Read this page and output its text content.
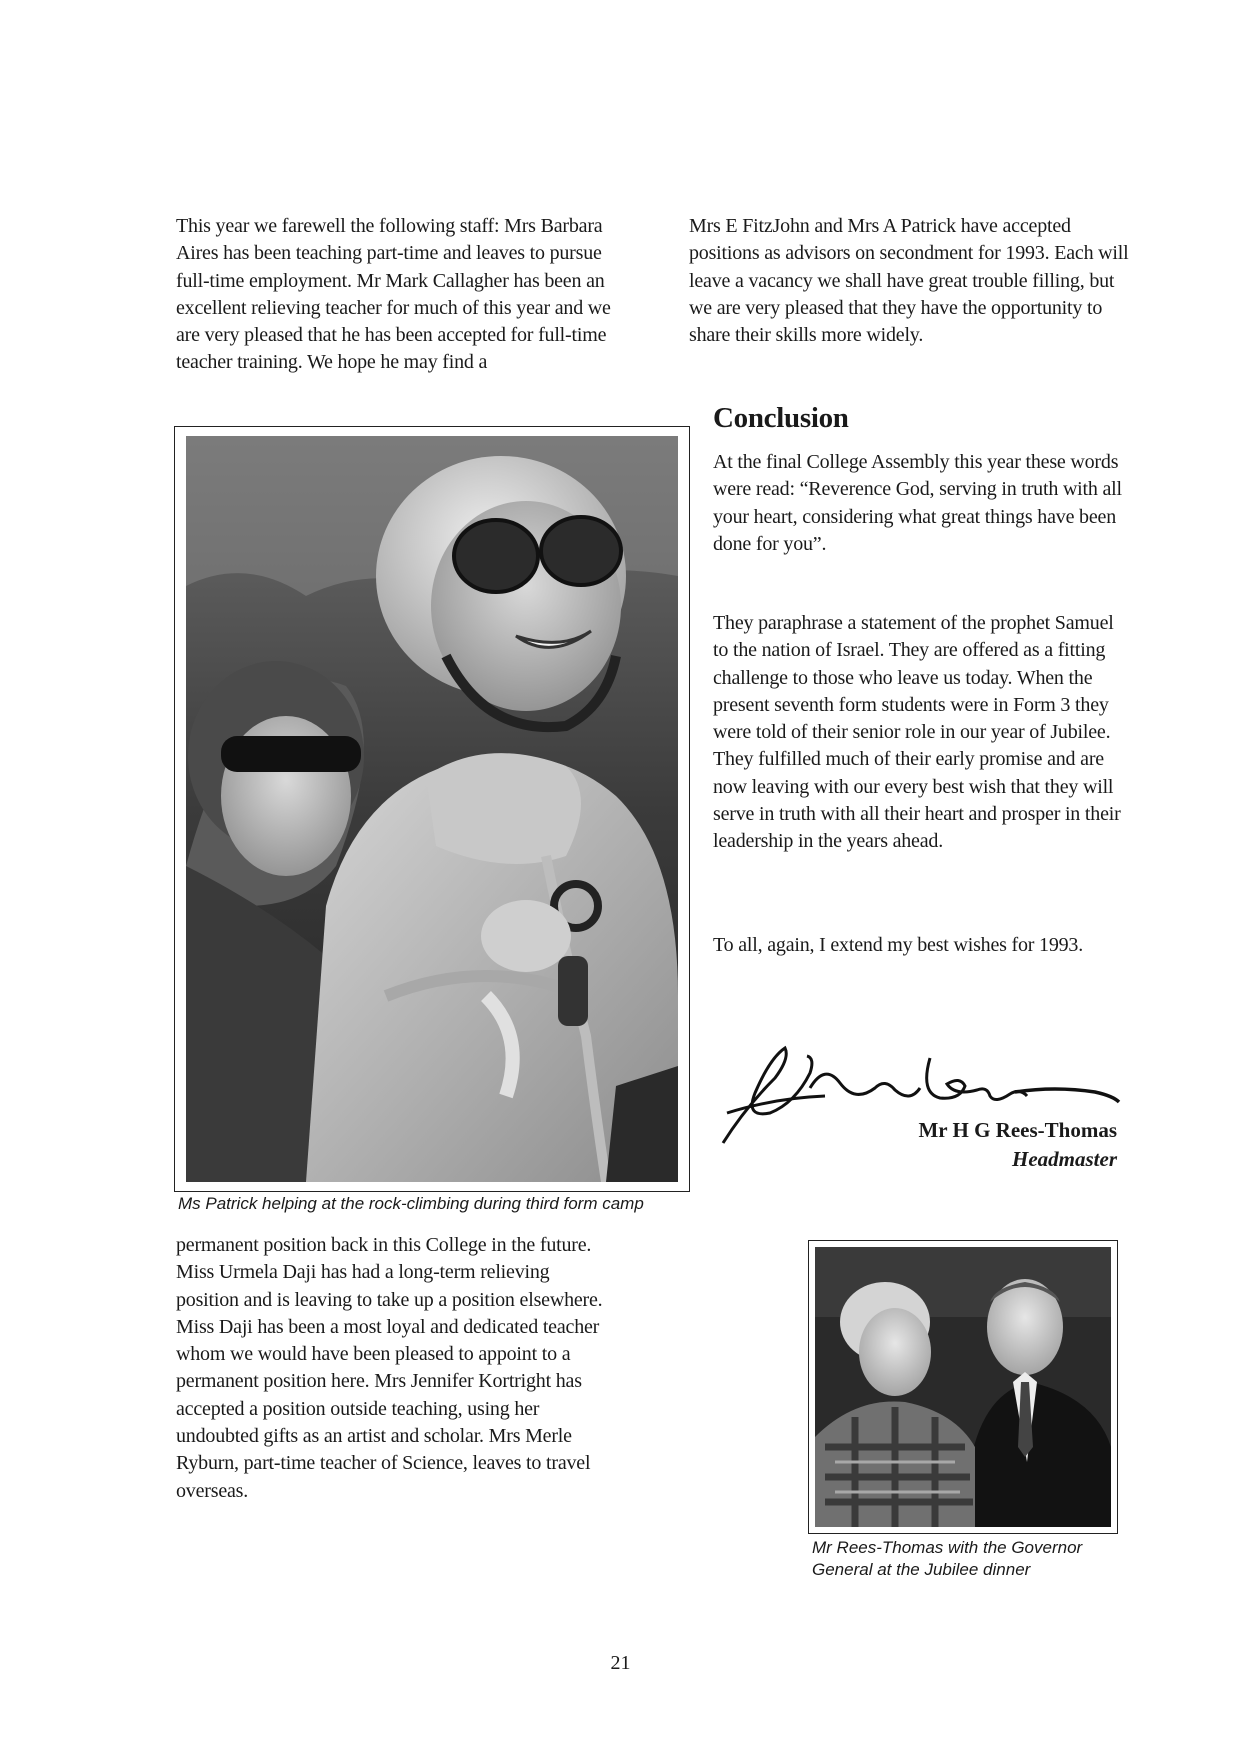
This year we farewell the following staff: Mrs Barbara Aires has been teaching part-time and leaves to pursue full-time employment. Mr Mark Callagher has been an excellent relieving teacher for much of this year and we are very pleased that he has been accepted for full-time teacher training. We hope he may find a

Ms Patrick helping at the rock-climbing during third form camp

permanent position back in this College in the future. Miss Urmela Daji has had a long-term relieving position and is leaving to take up a position elsewhere. Miss Daji has been a most loyal and dedicated teacher whom we would have been pleased to appoint to a permanent position here. Mrs Jennifer Kortright has accepted a position outside teaching, using her undoubted gifts as an artist and scholar. Mrs Merle Ryburn, part-time teacher of Science, leaves to travel overseas.

Mrs E FitzJohn and Mrs A Patrick have accepted positions as advisors on secondment for 1993. Each will leave a vacancy we shall have great trouble filling, but we are very pleased that they have the opportunity to share their skills more widely.

Conclusion

At the final College Assembly this year these words were read: “Reverence God, serving in truth with all your heart, considering what great things have been done for you”.

They paraphrase a statement of the prophet Samuel to the nation of Israel. They are offered as a fitting challenge to those who leave us today. When the present seventh form students were in Form 3 they were told of their senior role in our year of Jubilee. They fulfilled much of their early promise and are now leaving with our every best wish that they will serve in truth with all their heart and prosper in their leadership in the years ahead.

To all, again, I extend my best wishes for 1993.

Mr H G Rees-Thomas

Headmaster

Mr Rees-Thomas with the Governor General at the Jubilee dinner

21
